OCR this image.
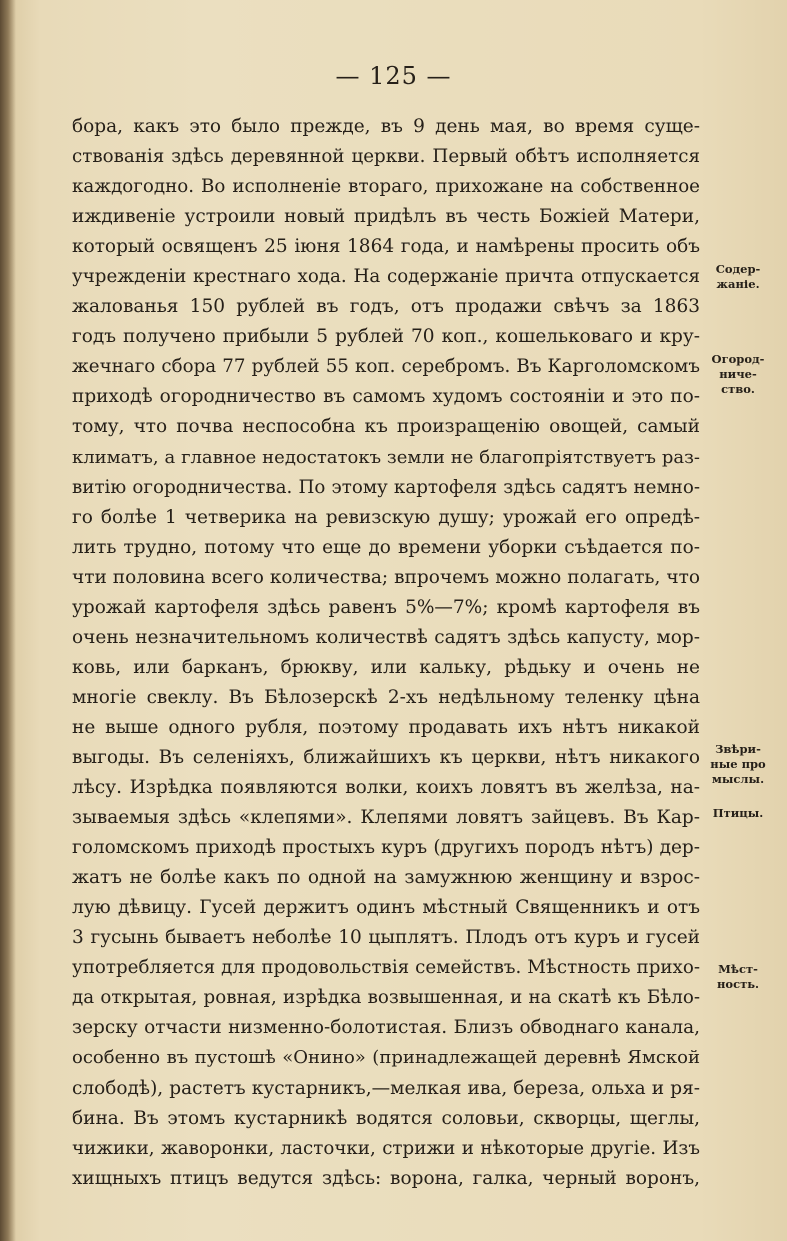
— 125 —
бора, какъ это было прежде, въ 9 день мая, во время суще-
ствованія здѣсь деревянной церкви. Первый обѣтъ исполняется
каждогодно. Во исполненіе втораго, прихожане на собственное
иждивеніе устроили новый придѣлъ въ честь Божіей Матери,
который освященъ 25 іюня 1864 года, и намѣрены просить объ
учрежденіи крестнаго хода. На содержаніе причта отпускается
жалованья 150 рублей въ годъ, отъ продажи свѣчъ за 1863
годъ получено прибыли 5 рублей 70 коп., кошельковаго и кру-
жечнаго сбора 77 рублей 55 коп. серебромъ. Въ Карголомскомъ
приходѣ огородничество въ самомъ худомъ состояніи и это по-
тому, что почва неспособна къ произращенію овощей, самый
климатъ, а главное недостатокъ земли не благопріятствуетъ раз-
витію огородничества. По этому картофеля здѣсь садятъ немно-
го болѣе 1 четверика на ревизскую душу; урожай его опредѣ-
лить трудно, потому что еще до времени уборки съѣдается по-
чти половина всего количества; впрочемъ можно полагать, что
урожай картофеля здѣсь равенъ 5%—7%; кромѣ картофеля въ
очень незначительномъ количествѣ садятъ здѣсь капусту, мор-
ковь, или барканъ, брюкву, или кальку, рѣдьку и очень не
многіе свеклу. Въ Бѣлозерскѣ 2-хъ недѣльному теленку цѣна
не выше одного рубля, поэтому продавать ихъ нѣтъ никакой
выгоды. Въ селеніяхъ, ближайшихъ къ церкви, нѣтъ никакого
лѣсу. Изрѣдка появляются волки, коихъ ловятъ въ желѣза, на-
зываемыя здѣсь «клепями». Клепями ловятъ зайцевъ. Въ Кар-
голомскомъ приходѣ простыхъ куръ (другихъ породъ нѣтъ) дер-
жатъ не болѣе какъ по одной на замужнюю женщину и взрос-
лую дѣвицу. Гусей держитъ одинъ мѣстный Священникъ и отъ
3 гусынь бываетъ неболѣе 10 цыплятъ. Плодъ отъ куръ и гусей
употребляется для продовольствія семействъ. Мѣстность прихо-
да открытая, ровная, изрѣдка возвышенная, и на скатѣ къ Бѣло-
зерску отчасти низменно-болотистая. Близъ обводнаго канала,
особенно въ пустошѣ «Онино» (принадлежащей деревнѣ Ямской
слободѣ), растетъ кустарникъ,—мелкая ива, береза, ольха и ря-
бина. Въ этомъ кустарникѣ водятся соловьи, скворцы, щеглы,
чижики, жаворонки, ласточки, стрижи и нѣкоторые другіе. Изъ
хищныхъ птицъ ведутся здѣсь: ворона, галка, черный воронъ,
Содер-
жаніе.
Огород-
ниче-
ство.
Звѣри-
ные про
мыслы.
Птицы.
Мѣст-
ность.
